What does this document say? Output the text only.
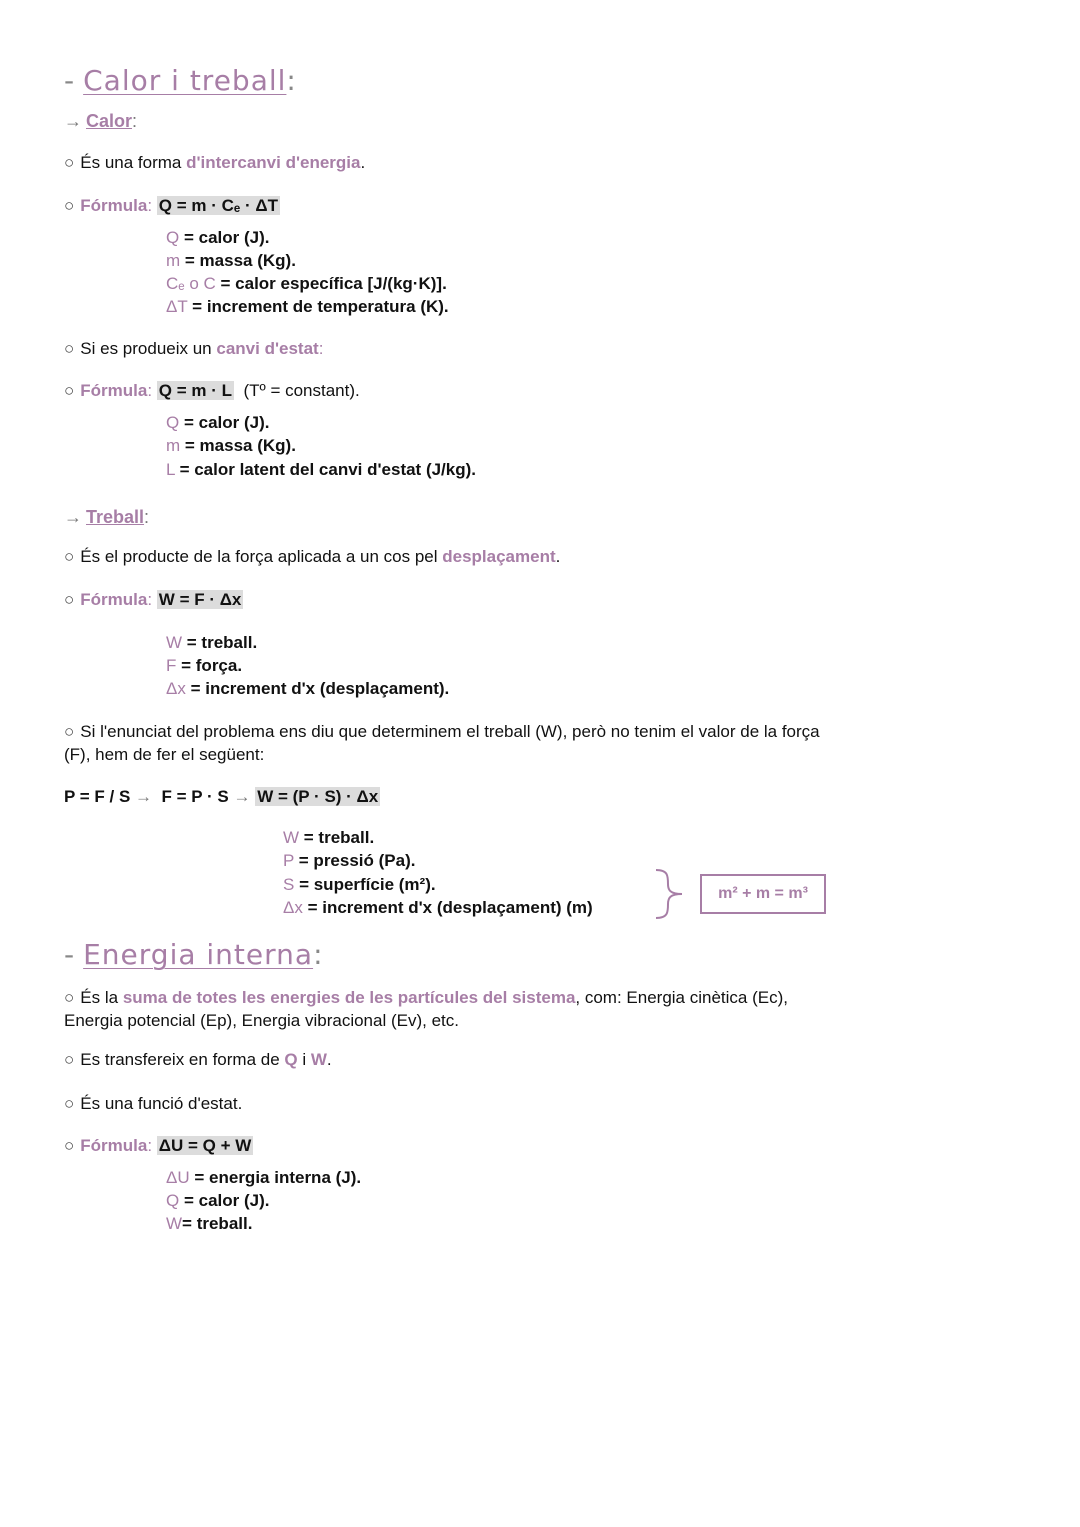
- Calor i treball:
→ Calor:
○ És una forma d'intercanvi d'energia.
○ Fórmula: Q = m · Cₑ · ΔT
Q = calor (J).
m = massa (Kg).
Cₑ o C = calor específica [J/(kg·K)].
ΔT = increment de temperatura (K).
○ Si es produeix un canvi d'estat:
○ Fórmula: Q = m · L (Tº = constant).
Q = calor (J).
m = massa (Kg).
L = calor latent del canvi d'estat (J/kg).
→ Treball:
○ És el producte de la força aplicada a un cos pel desplaçament.
○ Fórmula: W = F · Δx
W = treball.
F = força.
Δx = increment d'x (desplaçament).
○ Si l'enunciat del problema ens diu que determinem el treball (W), però no tenim el valor de la força
(F), hem de fer el següent:
P = F / S → F = P · S → W = (P · S) · Δx
W = treball.
P = pressió (Pa).
S = superfície (m²).
Δx = increment d'x (desplaçament) (m)
m² + m = m³
- Energia interna:
○ És la suma de totes les energies de les partícules del sistema, com: Energia cinètica (Ec),
Energia potencial (Ep), Energia vibracional (Ev), etc.
○ Es transfereix en forma de Q i W.
○ És una funció d'estat.
○ Fórmula: ΔU = Q + W
ΔU = energia interna (J).
Q = calor (J).
W= treball.
